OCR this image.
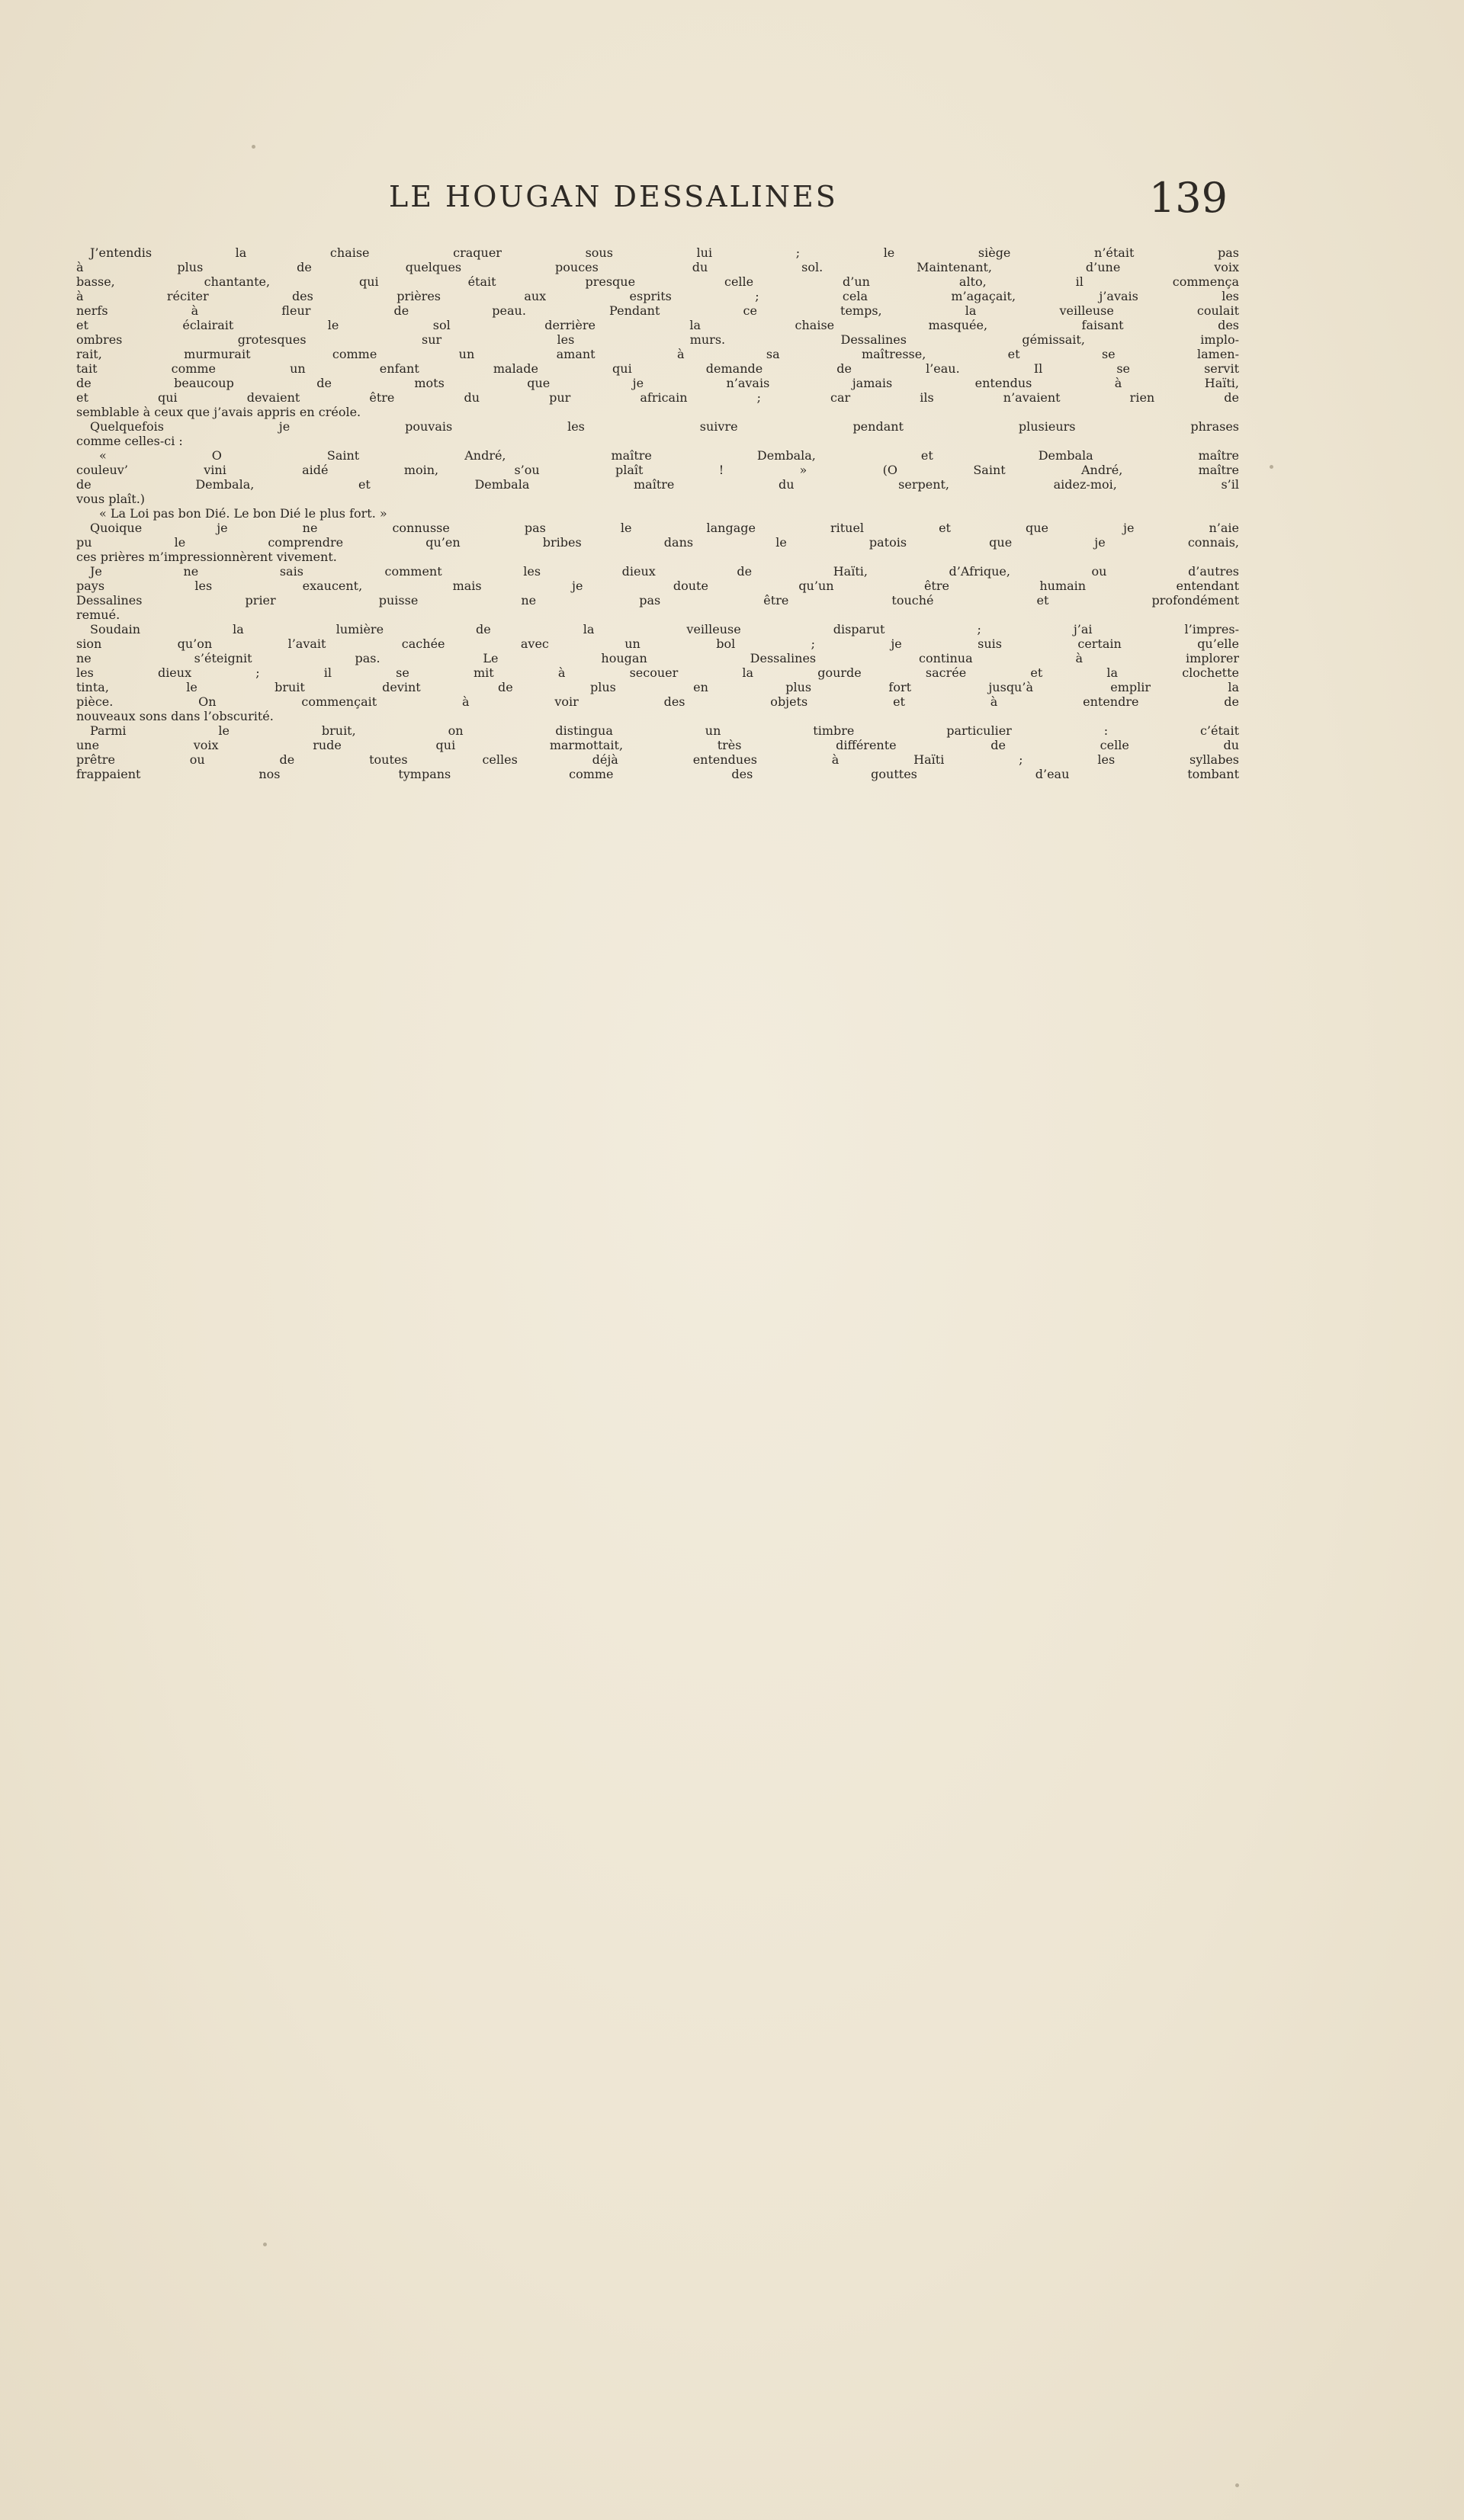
LE HOUGAN DESSALINES	139
J’entendis la chaise craquer sous lui ; le siège n’était pas
à plus de quelques pouces du sol. Maintenant, d’une voix
basse, chantante, qui était presque celle d’un alto, il commença
à réciter des prières aux esprits ; cela m’agaçait, j’avais les
nerfs à fleur de peau. Pendant ce temps, la veilleuse coulait
et éclairait le sol derrière la chaise masquée, faisant des
ombres grotesques sur les murs. Dessalines gémissait, implo-
rait, murmurait comme un amant à sa maîtresse, et se lamen-
tait comme un enfant malade qui demande de l’eau. Il se servit
de beaucoup de mots que je n’avais jamais entendus à Haïti,
et qui devaient être du pur africain ; car ils n’avaient rien de
semblable à ceux que j’avais appris en créole.
Quelquefois je pouvais les suivre pendant plusieurs phrases
comme celles-ci :
« O Saint André, maître Dembala, et Dembala maître
couleuv’ vini aidé moin, s’ou plaît ! » (O Saint André, maître
de Dembala, et Dembala maître du serpent, aidez-moi, s’il
vous plaît.)
« La Loi pas bon Dié. Le bon Dié le plus fort. »
Quoique je ne connusse pas le langage rituel et que je n’aie
pu le comprendre qu’en bribes dans le patois que je connais,
ces prières m’impressionnèrent vivement.
Je ne sais comment les dieux de Haïti, d’Afrique, ou d’autres
pays les exaucent, mais je doute qu’un être humain entendant
Dessalines prier puisse ne pas être touché et profondément
remué.
Soudain la lumière de la veilleuse disparut ; j’ai l’impres-
sion qu’on l’avait cachée avec un bol ; je suis certain qu’elle
ne s’éteignit pas. Le hougan Dessalines continua à implorer
les dieux ; il se mit à secouer la gourde sacrée et la clochette
tinta, le bruit devint de plus en plus fort jusqu’à emplir la
pièce. On commençait à voir des objets et à entendre de
nouveaux sons dans l’obscurité.
Parmi le bruit, on distingua un timbre particulier : c’était
une voix rude qui marmottait, très différente de celle du
prêtre ou de toutes celles déjà entendues à Haïti ; les syllabes
frappaient nos tympans comme des gouttes d’eau tombant
